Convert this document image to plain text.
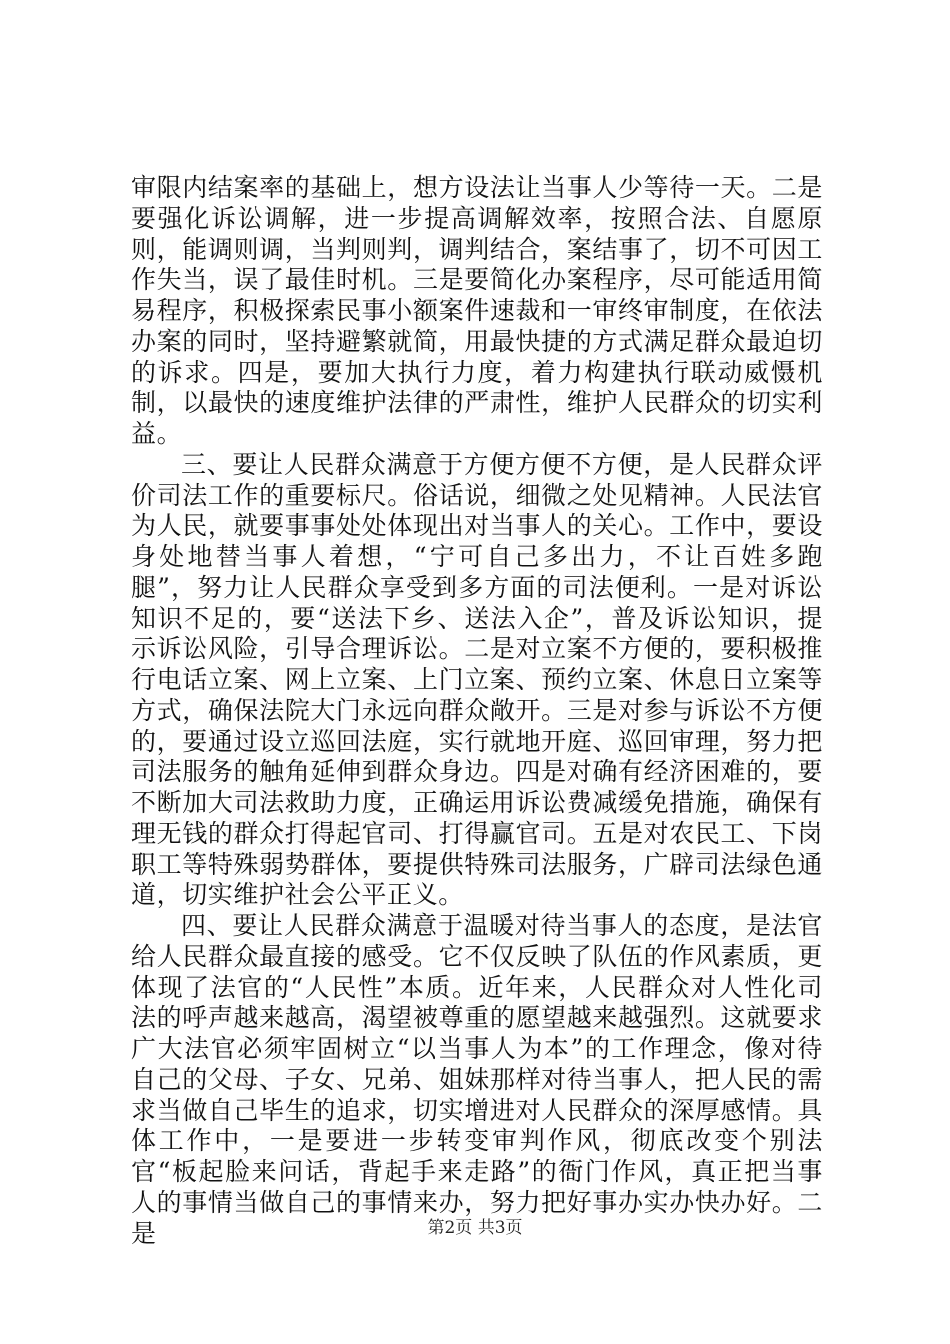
审限内结案率的基础上，想方设法让当事人少等待一天。二是要强化诉讼调解，进一步提高调解效率，按照合法、自愿原则，能调则调，当判则判，调判结合，案结事了，切不可因工作失当，误了最佳时机。三是要简化办案程序，尽可能适用简易程序，积极探索民事小额案件速裁和一审终审制度，在依法办案的同时，坚持避繁就简，用最快捷的方式满足群众最迫切的诉求。四是，要加大执行力度，着力构建执行联动威慑机制，以最快的速度维护法律的严肃性，维护人民群众的切实利益。

三、要让人民群众满意于方便方便不方便，是人民群众评价司法工作的重要标尺。俗话说，细微之处见精神。人民法官为人民，就要事事处处体现出对当事人的关心。工作中，要设身处地替当事人着想，“宁可自己多出力，不让百姓多跑腿”，努力让人民群众享受到多方面的司法便利。一是对诉讼知识不足的，要“送法下乡、送法入企”，普及诉讼知识，提示诉讼风险，引导合理诉讼。二是对立案不方便的，要积极推行电话立案、网上立案、上门立案、预约立案、休息日立案等方式，确保法院大门永远向群众敞开。三是对参与诉讼不方便的，要通过设立巡回法庭，实行就地开庭、巡回审理，努力把司法服务的触角延伸到群众身边。四是对确有经济困难的，要不断加大司法救助力度，正确运用诉讼费减缓免措施，确保有理无钱的群众打得起官司、打得赢官司。五是对农民工、下岗职工等特殊弱势群体，要提供特殊司法服务，广辟司法绿色通道，切实维护社会公平正义。

四、要让人民群众满意于温暖对待当事人的态度，是法官给人民群众最直接的感受。它不仅反映了队伍的作风素质，更体现了法官的“人民性”本质。近年来，人民群众对人性化司法的呼声越来越高，渴望被尊重的愿望越来越强烈。这就要求广大法官必须牢固树立“以当事人为本”的工作理念，像对待自己的父母、子女、兄弟、姐妹那样对待当事人，把人民的需求当做自己毕生的追求，切实增进对人民群众的深厚感情。具体工作中，一是要进一步转变审判作风，彻底改变个别法官“板起脸来问话，背起手来走路”的衙门作风，真正把当事人的事情当做自己的事情来办，努力把好事办实办快办好。二是	第2页 共3页
